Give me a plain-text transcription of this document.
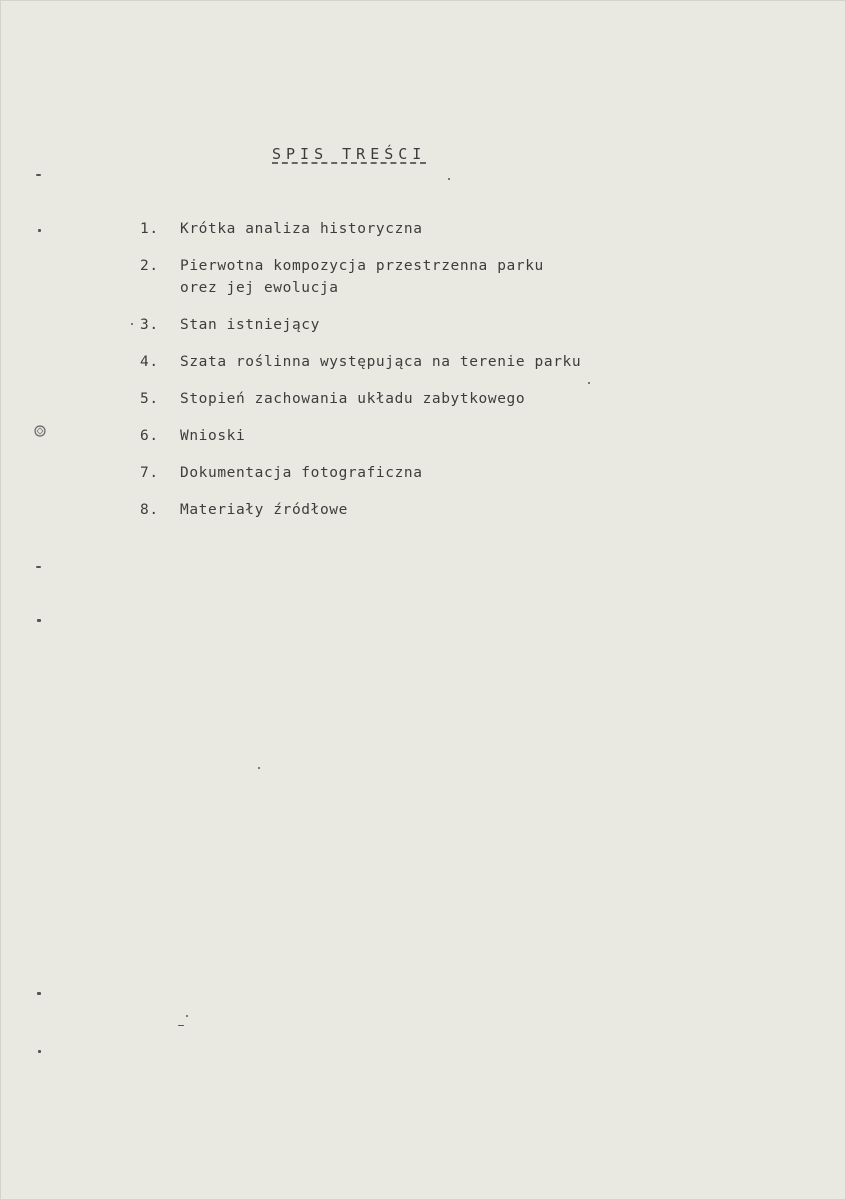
SPIS TREŚCI
1.	Krótka analiza historyczna
2.	Pierwotna kompozycja przestrzenna parku
orez jej ewolucja
3.	Stan istniejący
4.	Szata roślinna występująca na terenie parku
5.	Stopień zachowania układu zabytkowego
6.	Wnioski
7.	Dokumentacja fotograficzna
8.	Materiały źródłowe
